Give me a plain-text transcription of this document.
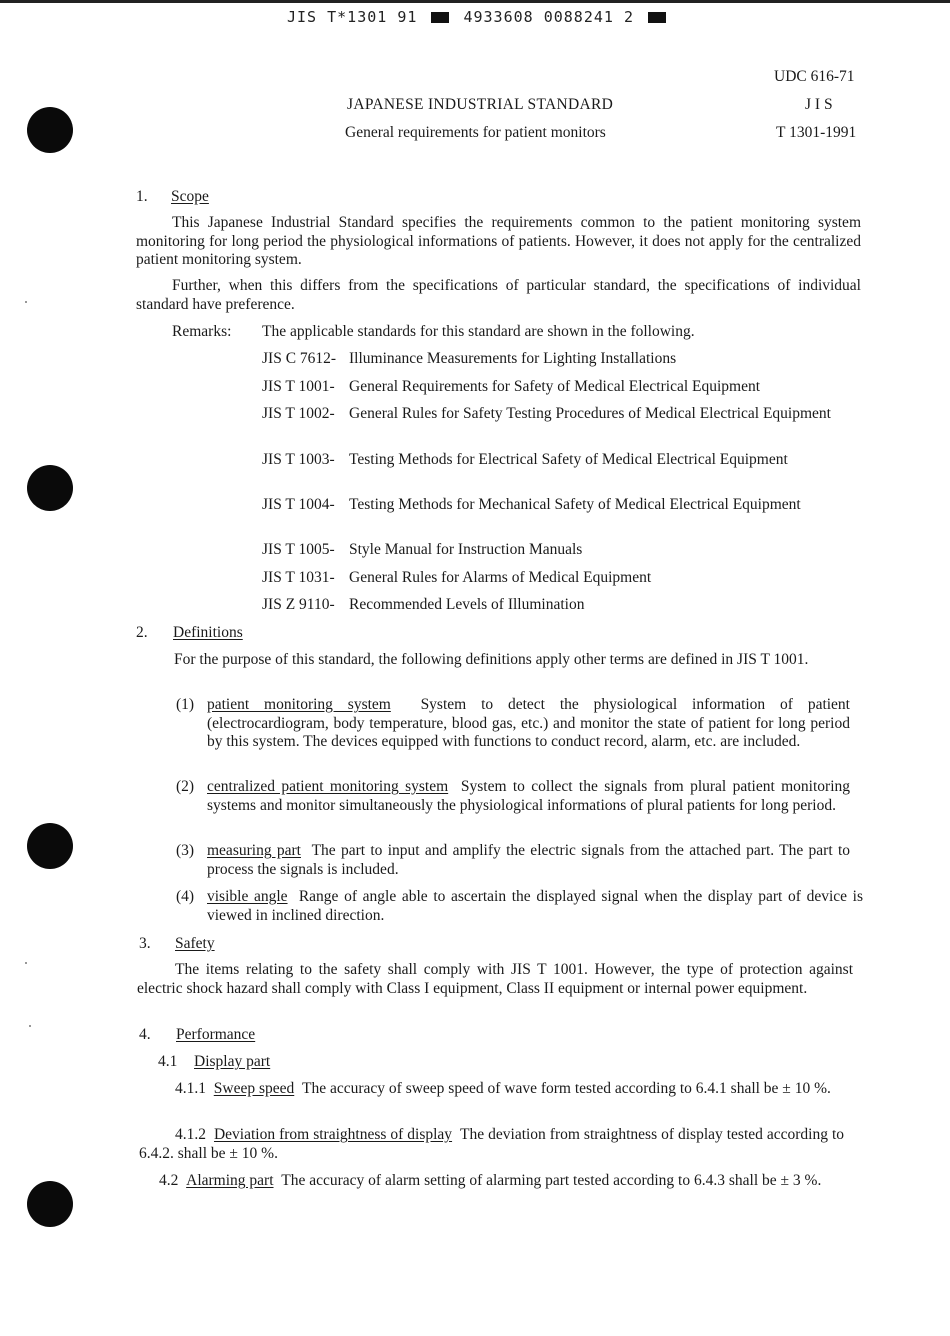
JIS T*1301 91	4933608 0088241 2
UDC 616-71
JAPANESE INDUSTRIAL STANDARD	J I S
General requirements for patient monitors	T 1301-1991
1. Scope
This Japanese Industrial Standard specifies the requirements common to the patient monitoring system monitoring for long period the physiological informations of patients. However, it does not apply for the centralized patient monitoring system.
Further, when this differs from the specifications of particular standard, the specifications of individual standard have preference.
Remarks: The applicable standards for this standard are shown in the following.
JIS C 7612- Illuminance Measurements for Lighting Installations
JIS T 1001- General Requirements for Safety of Medical Electrical Equipment
JIS T 1002- General Rules for Safety Testing Procedures of Medical Electrical Equipment
JIS T 1003- Testing Methods for Electrical Safety of Medical Electrical Equipment
JIS T 1004- Testing Methods for Mechanical Safety of Medical Electrical Equipment
JIS T 1005- Style Manual for Instruction Manuals
JIS T 1031- General Rules for Alarms of Medical Equipment
JIS Z 9110- Recommended Levels of Illumination
2. Definitions
For the purpose of this standard, the following definitions apply other terms are defined in JIS T 1001.
(1) patient monitoring system System to detect the physiological information of patient (electrocardiogram, body temperature, blood gas, etc.) and monitor the state of patient for long period by this system. The devices equipped with functions to conduct record, alarm, etc. are included.
(2) centralized patient monitoring system System to collect the signals from plural patient monitoring systems and monitor simultaneously the physiological informations of plural patients for long period.
(3) measuring part The part to input and amplify the electric signals from the attached part. The part to process the signals is included.
(4) visible angle Range of angle able to ascertain the displayed signal when the display part of device is viewed in inclined direction.
3. Safety
The items relating to the safety shall comply with JIS T 1001. However, the type of protection against electric shock hazard shall comply with Class I equipment, Class II equipment or internal power equipment.
4. Performance
4.1 Display part
4.1.1 Sweep speed The accuracy of sweep speed of wave form tested according to 6.4.1 shall be ± 10 %.
4.1.2 Deviation from straightness of display The deviation from straightness of display tested according to 6.4.2. shall be ± 10 %.
4.2 Alarming part The accuracy of alarm setting of alarming part tested according to 6.4.3 shall be ± 3 %.
